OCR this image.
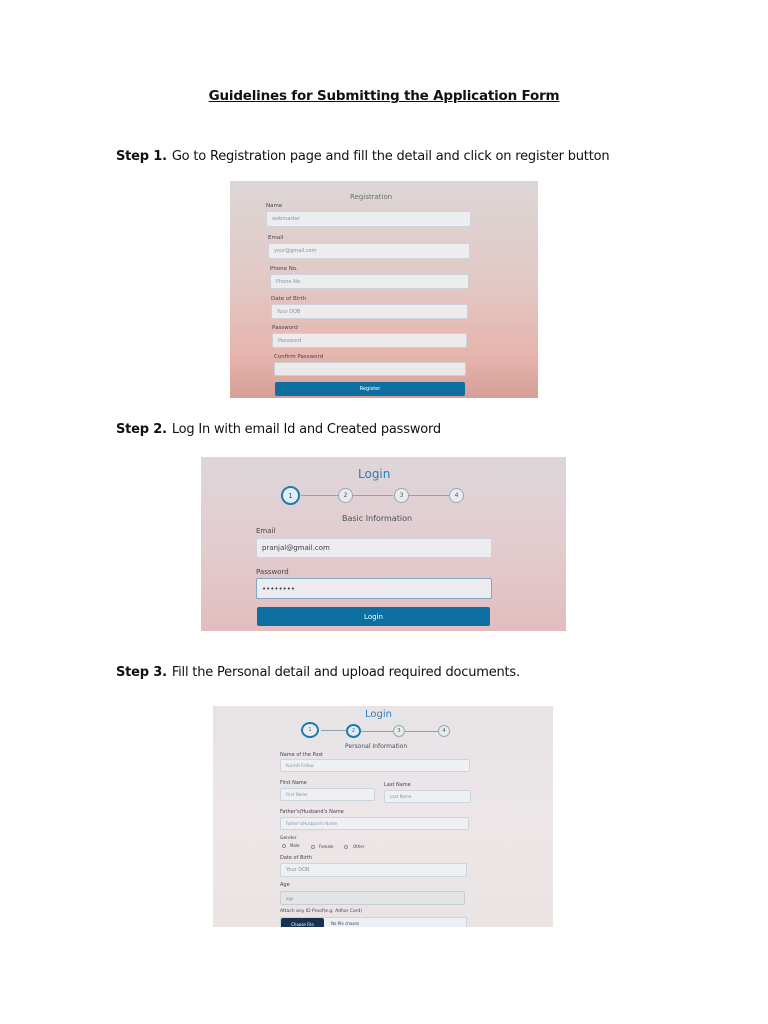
Guidelines for Submitting the Application Form
Step 1. Go to Registration page and fill the detail and click on register button
Registration
Name
webmaster
Email
your@gmail.com
Phone No.
Phone No.
Date of Birth
Your DOB
Password
Password
Confirm Password
Register
Step 2. Log In with email Id and Created password
Login
1	2	3	4
Basic Information
Email
pranjal@gmail.com
Password
••••••••
Login
Step 3. Fill the Personal detail and upload required documents.
Login
1	2	3	4
Personal Information
Name of the Post
Kurrish Fellow
First Name
First Name
Last Name
Last Name
Father's/Husband's Name
Father's/Husband's Name
Gender
Male	Female	Other
Date of Birth
Your DOB
Age
age
Attach any ID Proof(e.g. Adhar Card)
Choose File	No file chosen
